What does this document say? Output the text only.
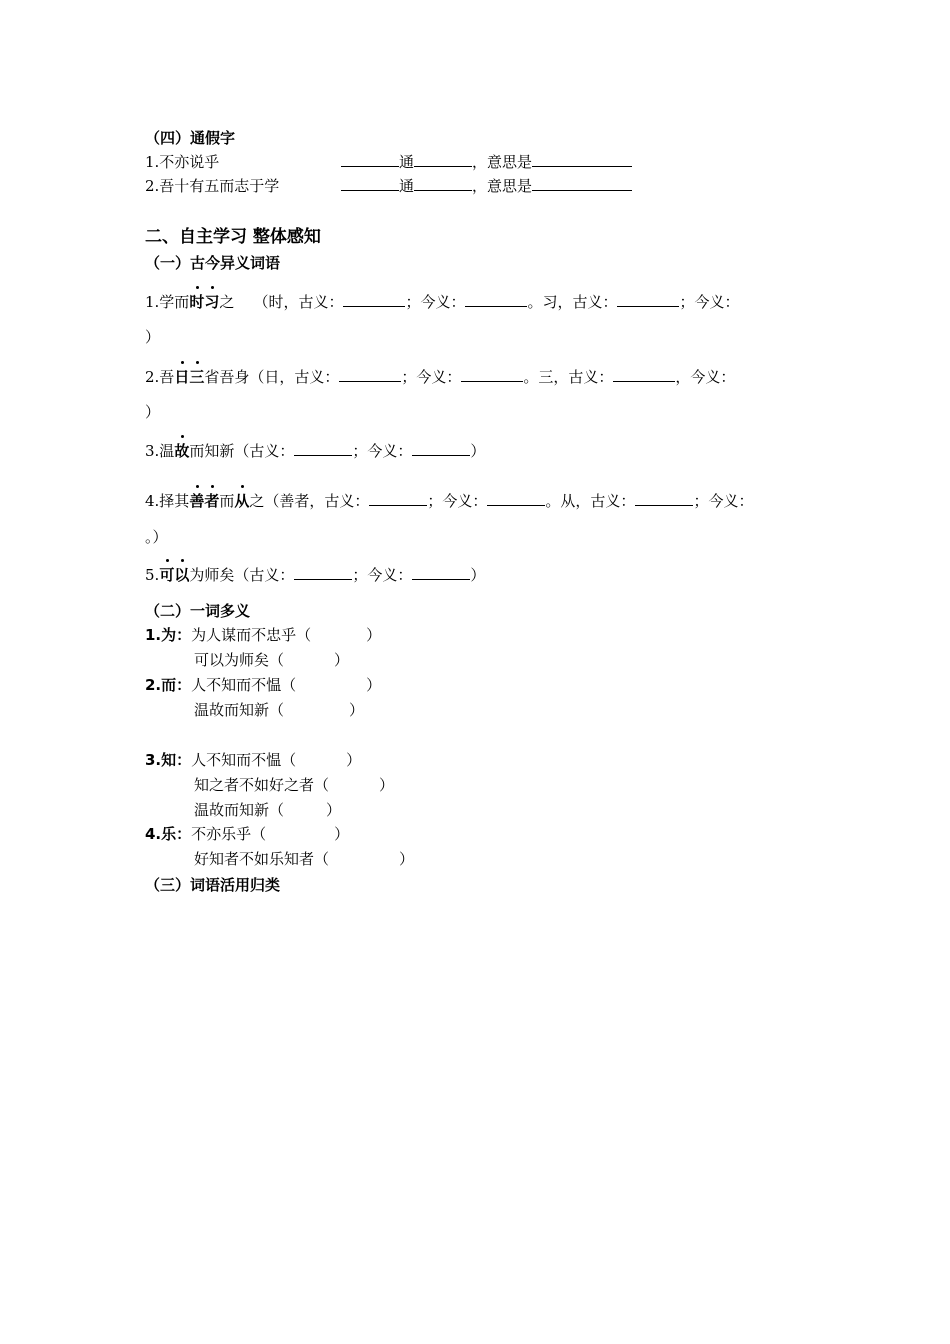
（四）通假字
1.不亦说乎	通	，意思是
2.吾十有五而志于学	通	，意思是
二、自主学习 整体感知
（一）古今异义词语
1.学而时习之 （时，古义：	；今义：	。习，古义：	；今义：
）
2.吾日三省吾身（日，古义：	；今义：	。三，古义：	，今义：
）
3.温故而知新（古义：	；今义：	）
4.择其善者而从之（善者，古义：	；今义：	。从，古义：	；今义：
。）
5.可以为师矣（古义：	；今义：	）
（二）一词多义
1.为：为人谋而不忠乎（	）
可以为师矣（	）
2.而：人不知而不愠（	）
温故而知新（	）
3.知：人不知而不愠（	）
知之者不如好之者（	）
温故而知新（	）
4.乐：不亦乐乎（	）
好知者不如乐知者（	）
（三）词语活用归类
